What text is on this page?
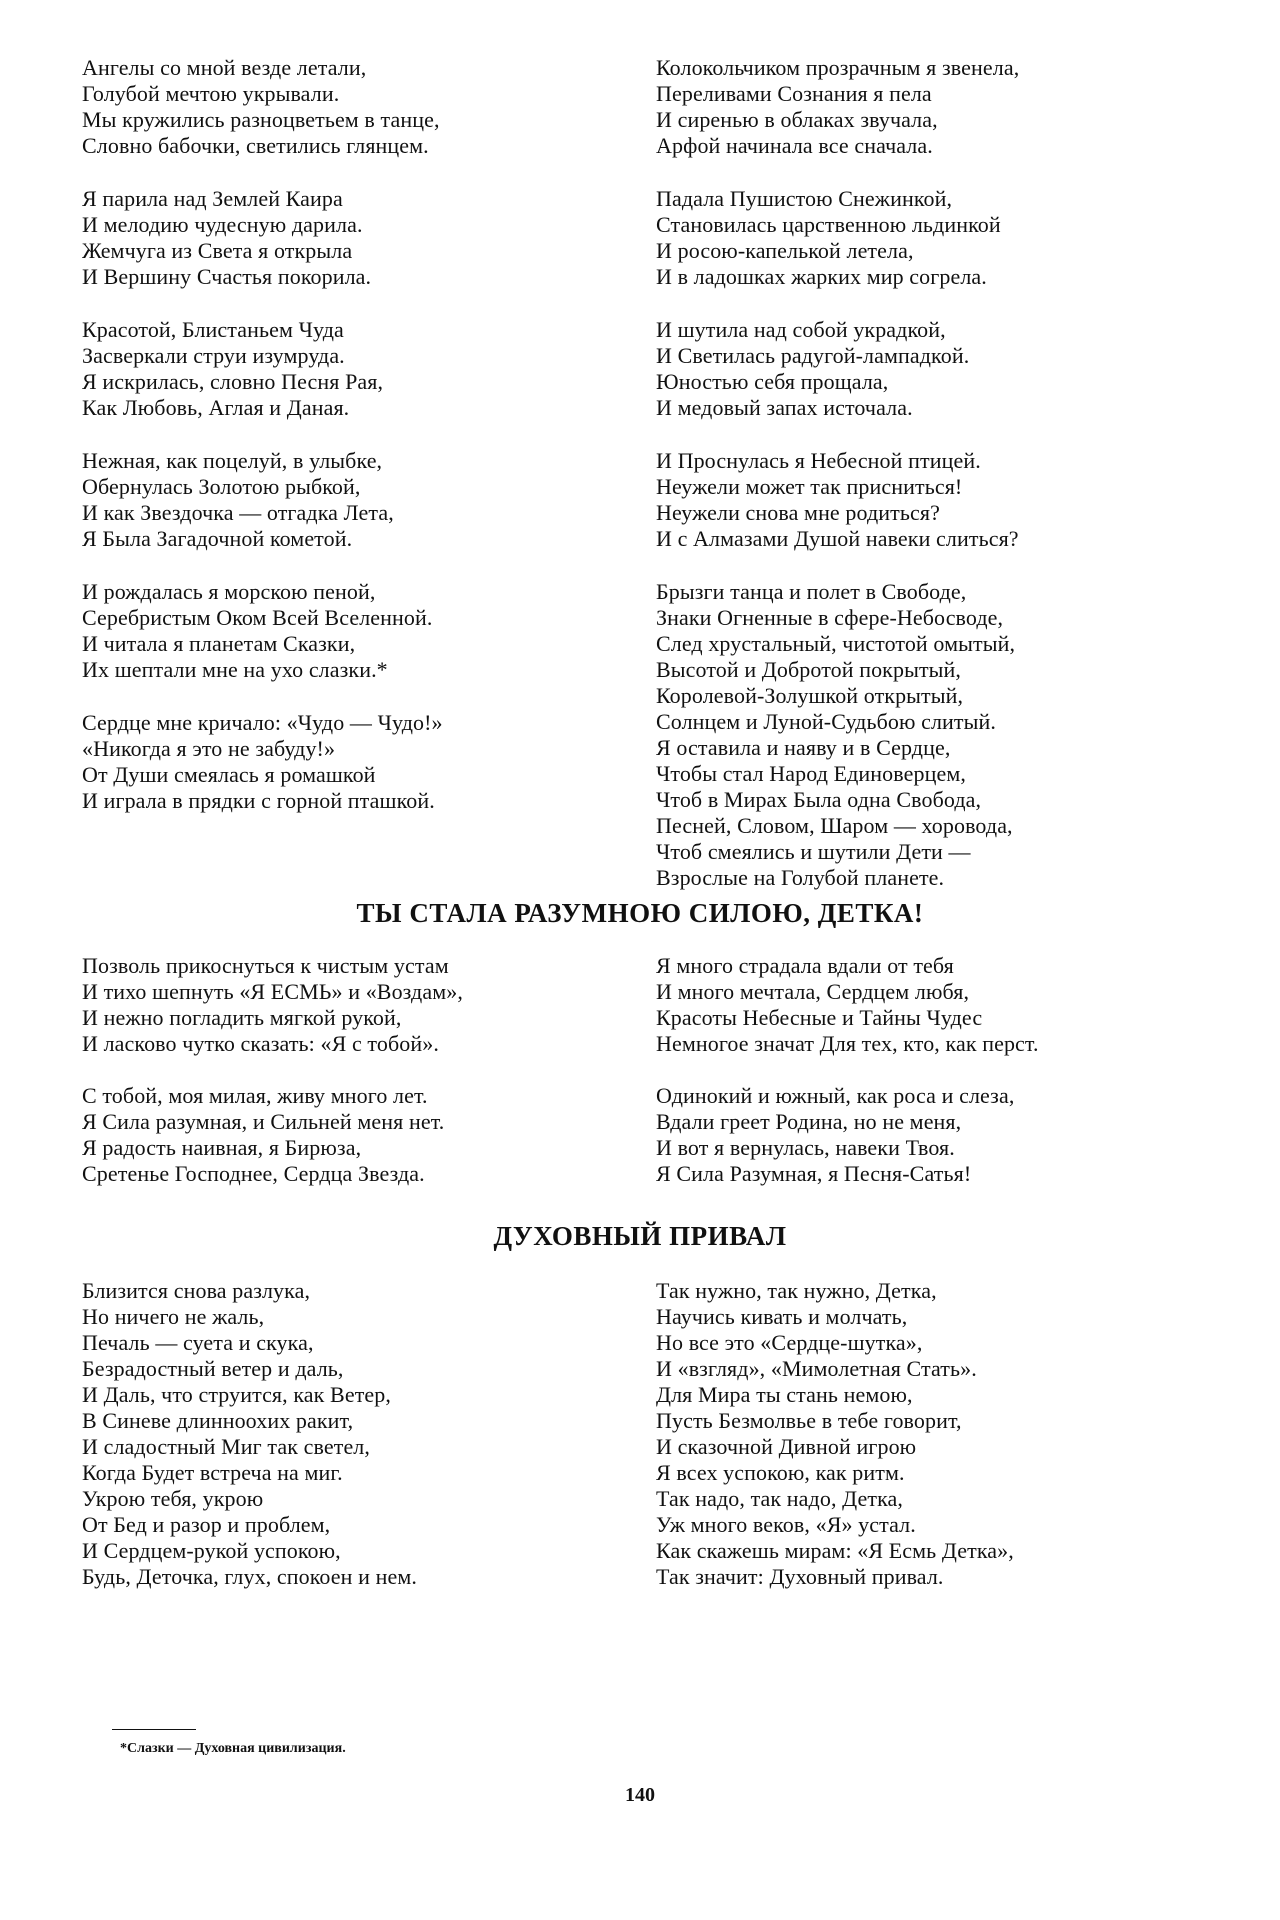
Ангелы со мной везде летали,
Голубой мечтою укрывали.
Мы кружились разноцветьем в танце,
Словно бабочки, светились глянцем.
Я парила над Землей Каира
И мелодию чудесную дарила.
Жемчуга из Света я открыла
И Вершину Счастья покорила.
Красотой, Блистаньем Чуда
Засверкали струи изумруда.
Я искрилась, словно Песня Рая,
Как Любовь, Аглая и Даная.
Нежная, как поцелуй, в улыбке,
Обернулась Золотою рыбкой,
И как Звездочка — отгадка Лета,
Я Была Загадочной кометой.
И рождалась я морскою пеной,
Серебристым Оком Всей Вселенной.
И читала я планетам Сказки,
Их шептали мне на ухо слазки.*
Сердце мне кричало: «Чудо — Чудо!»
«Никогда я это не забуду!»
От Души смеялась я ромашкой
И играла в прядки с горной пташкой.
Колокольчиком прозрачным я звенела,
Переливами Сознания я пела
И сиренью в облаках звучала,
Арфой начинала все сначала.
Падала Пушистою Снежинкой,
Становилась царственною льдинкой
И росою-капелькой летела,
И в ладошках жарких мир согрела.
И шутила над собой украдкой,
И Светилась радугой-лампадкой.
Юностью себя прощала,
И медовый запах источала.
И Проснулась я Небесной птицей.
Неужели может так присниться!
Неужели снова мне родиться?
И с Алмазами Душой навеки слиться?
Брызги танца и полет в Свободе,
Знаки Огненные в сфере-Небосводе,
След хрустальный, чистотой омытый,
Высотой и Добротой покрытый,
Королевой-Золушкой открытый,
Солнцем и Луной-Судьбою слитый.
Я оставила и наяву и в Сердце,
Чтобы стал Народ Единоверцем,
Чтоб в Мирах Была одна Свобода,
Песней, Словом, Шаром — хоровода,
Чтоб смеялись и шутили Дети —
Взрослые на Голубой планете.
ТЫ СТАЛА РАЗУМНОЮ СИЛОЮ, ДЕТКА!
Позволь прикоснуться к чистым устам
И тихо шепнуть «Я ЕСМЬ» и «Воздам»,
И нежно погладить мягкой рукой,
И ласково чутко сказать: «Я с тобой».
С тобой, моя милая, живу много лет.
Я Сила разумная, и Сильней меня нет.
Я радость наивная, я Бирюза,
Сретенье Господнее, Сердца Звезда.
Я много страдала вдали от тебя
И много мечтала, Сердцем любя,
Красоты Небесные и Тайны Чудес
Немногое значат Для тех, кто, как перст.
Одинокий и южный, как роса и слеза,
Вдали греет Родина, но не меня,
И вот я вернулась, навеки Твоя.
Я Сила Разумная, я Песня-Сатья!
ДУХОВНЫЙ ПРИВАЛ
Близится снова разлука,
Но ничего не жаль,
Печаль — суета и скука,
Безрадостный ветер и даль,
И Даль, что струится, как Ветер,
В Синеве длинноохих ракит,
И сладостный Миг так светел,
Когда Будет встреча на миг.
Укрою тебя, укрою
От Бед и разор и проблем,
И Сердцем-рукой успокою,
Будь, Деточка, глух, спокоен и нем.
Так нужно, так нужно, Детка,
Научись кивать и молчать,
Но все это «Сердце-шутка»,
И «взгляд», «Мимолетная Стать».
Для Мира ты стань немою,
Пусть Безмолвье в тебе говорит,
И сказочной Дивной игрою
Я всех успокою, как ритм.
Так надо, так надо, Детка,
Уж много веков, «Я» устал.
Как скажешь мирам: «Я Есмь Детка»,
Так значит: Духовный привал.
*Слазки — Духовная цивилизация.
140
